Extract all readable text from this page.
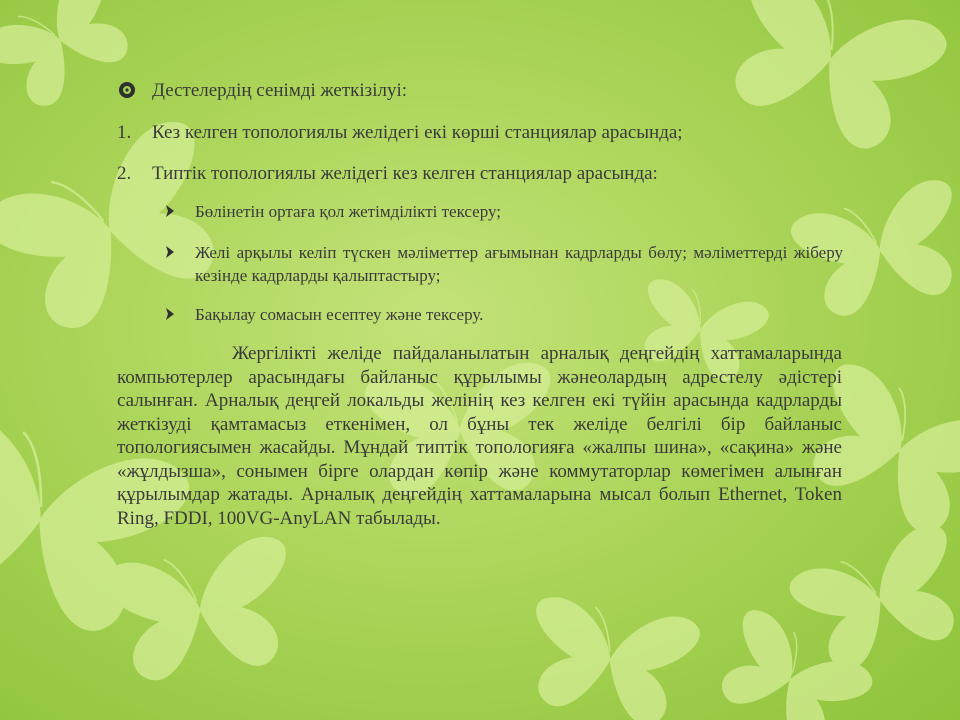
Дестелердің сенімді жеткізілуі:
1. Кез келген топологиялы желідегі екі көрші станциялар арасында;
2. Типтік топологиялы желідегі кез келген станциялар арасында:
Бөлінетін ортаға қол жетімділікті тексеру;
Желі арқылы келіп түскен мәліметтер ағымынан кадрларды бөлу; мәліметтерді жіберу кезінде кадрларды қалыптастыру;
Бақылау сомасын есептеу және тексеру.
Жергілікті желіде пайдаланылатын арналық деңгейдің хаттамаларында компьютерлер арасындағы байланыс құрылымы жәнеолардың адрестелу әдістері салынған. Арналық деңгей локальды желінің кез келген екі түйін арасында кадрларды жеткізуді қамтамасыз еткенімен, ол бұны тек желіде белгілі бір байланыс топологиясымен жасайды. Мұндай типтік топологияға «жалпы шина», «сақина» және «жұлдызша», сонымен бірге олардан көпір және коммутаторлар көмегімен алынған құрылымдар жатады. Арналық деңгейдің хаттамаларына мысал болып Ethernet, Token Ring, FDDI, 100VG-AnyLAN табылады.
